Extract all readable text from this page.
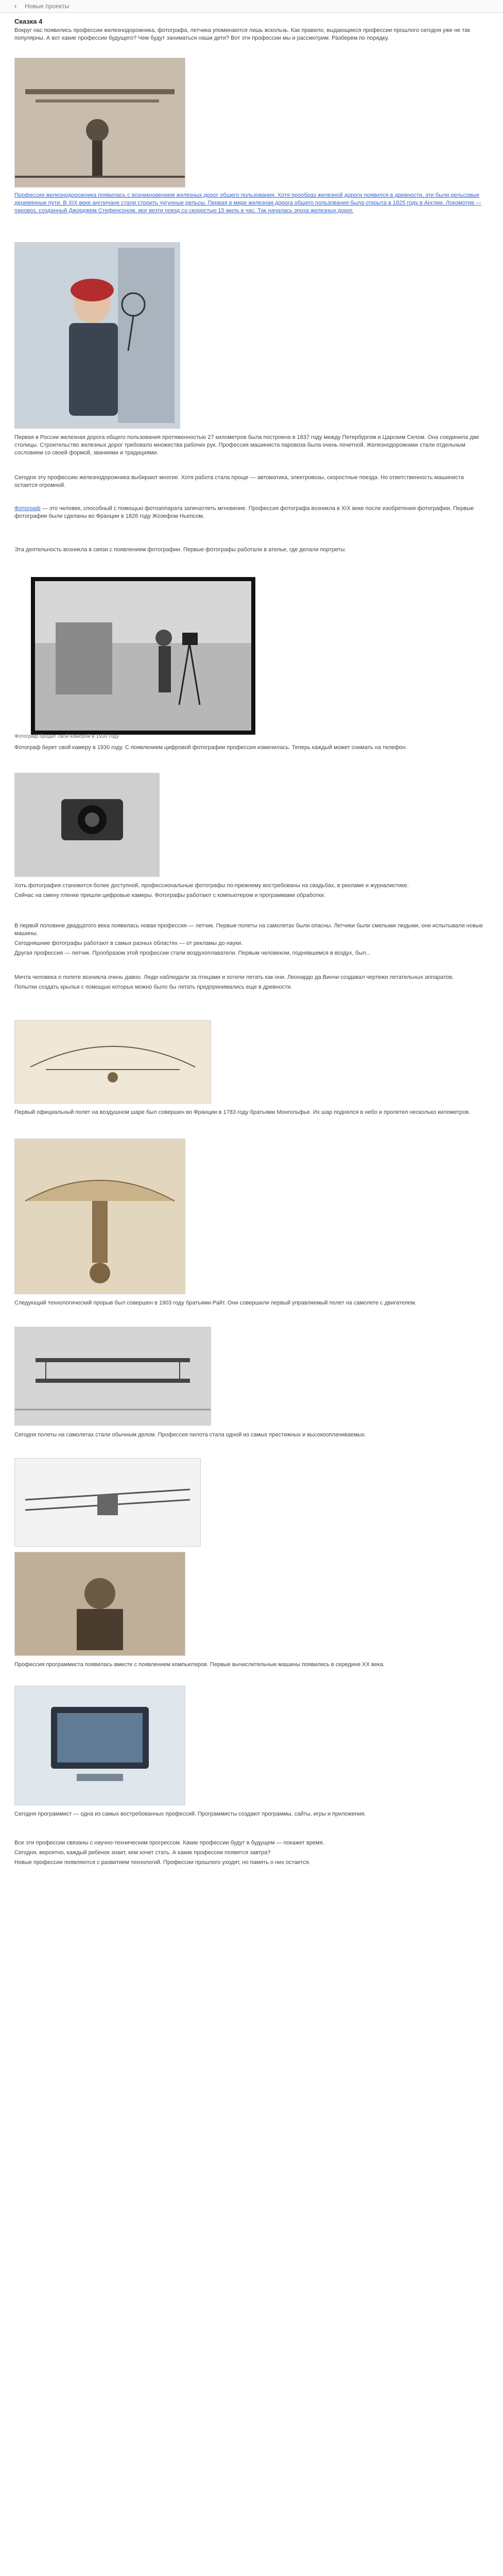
‹ Новые проекты
Сказка 4

Вокруг нас появились профессии железнодорожника, фотографа, летчика упоминаются лишь вскользь. Как правило, выдающиеся профессии прошлого сегодня уже не так популярны. А вот какие профессии будущего? Чем будут заниматься наши дети? Вот эти профессии мы и рассмотрим. Разберем по порядку.

Профессия железнодорожника появилась с возникновением железных дорог общего пользования. Хотя прообраз железной дороги появился в древности, эти были рельсовые деревянные пути. В XIX веке англичане стали строить чугунные рельсы. Первая в мире железная дорога общего пользования была открыта в 1825 году в Англии. Локомотив — паровоз, созданный Джорджем Стефенсоном, мог везти поезд со скоростью 15 миль в час. Так началась эпоха железных дорог.

Первая в России железная дорога общего пользования протяженностью 27 километров была построена в 1837 году между Петербургом и Царским Селом. Она соединила две столицы. Строительство железных дорог требовало множества рабочих рук. Профессия машиниста паровоза была очень почетной. Железнодорожники стали отдельным сословием со своей формой, званиями и традициями.

Сегодня эту профессию железнодорожника выбирают многие. Хотя работа стала проще — автоматика, электровозы, скоростные поезда. Но ответственность машиниста остается огромной.

Фотограф — это человек, способный с помощью фотоаппарата запечатлеть мгновение. Профессия фотографа возникла в XIX веке после изобретения фотографии. Первые фотографии были сделаны во Франции в 1826 году Жозефом Ньепсом.

Эта деятельность возникла в связи с появлением фотографии. Первые фотографы работали в ателье, где делали портреты.

Фотограф бродит свой камерой в 1930 году

Фотограф берет свой камеру в 1930 году. С появлением цифровой фотографии профессия изменилась. Теперь каждый может снимать на телефон.

Хоть фотография становится более доступной, профессиональные фотографы по-прежнему востребованы на свадьбах, в рекламе и журналистике.

Сейчас на смену пленке пришли цифровые камеры. Фотографы работают с компьютером и программами обработки.

В первой половине двадцатого века появилась новая профессия — летчик. Первые полеты на самолетах были опасны. Летчики были смелыми людьми, они испытывали новые машины.

Сегодняшние фотографы работают в самых разных областях — от рекламы до науки.

Другая профессия — летчик. Прообразом этой профессии стали воздухоплаватели. Первым человеком, поднявшимся в воздух, был...

Мечта человека о полете возникла очень давно. Люди наблюдали за птицами и хотели летать как они. Леонардо да Винчи создавал чертежи летательных аппаратов.

Попытки создать крылья с помощью которых можно было бы летать предпринимались еще в древности.

Первый официальный полет на воздушном шаре был совершен во Франции в 1783 году братьями Монгольфье. Их шар поднялся в небо и пролетел несколько километров.

Следующий технологический прорыв был совершен в 1903 году братьями Райт. Они совершили первый управляемый полет на самолете с двигателем.

Сегодня полеты на самолетах стали обычным делом. Профессия пилота стала одной из самых престижных и высокооплачиваемых.

Профессия программиста появилась вместе с появлением компьютеров. Первые вычислительные машины появились в середине XX века.

Сегодня программист — одна из самых востребованных профессий. Программисты создают программы, сайты, игры и приложения.

Все эти профессии связаны с научно-техническим прогрессом. Какие профессии будут в будущем — покажет время.

Сегодня, вероятно, каждый ребенок знает, кем хочет стать. А какие профессии появятся завтра?

Новые профессии появляются с развитием технологий. Профессии прошлого уходят, но память о них остается.
